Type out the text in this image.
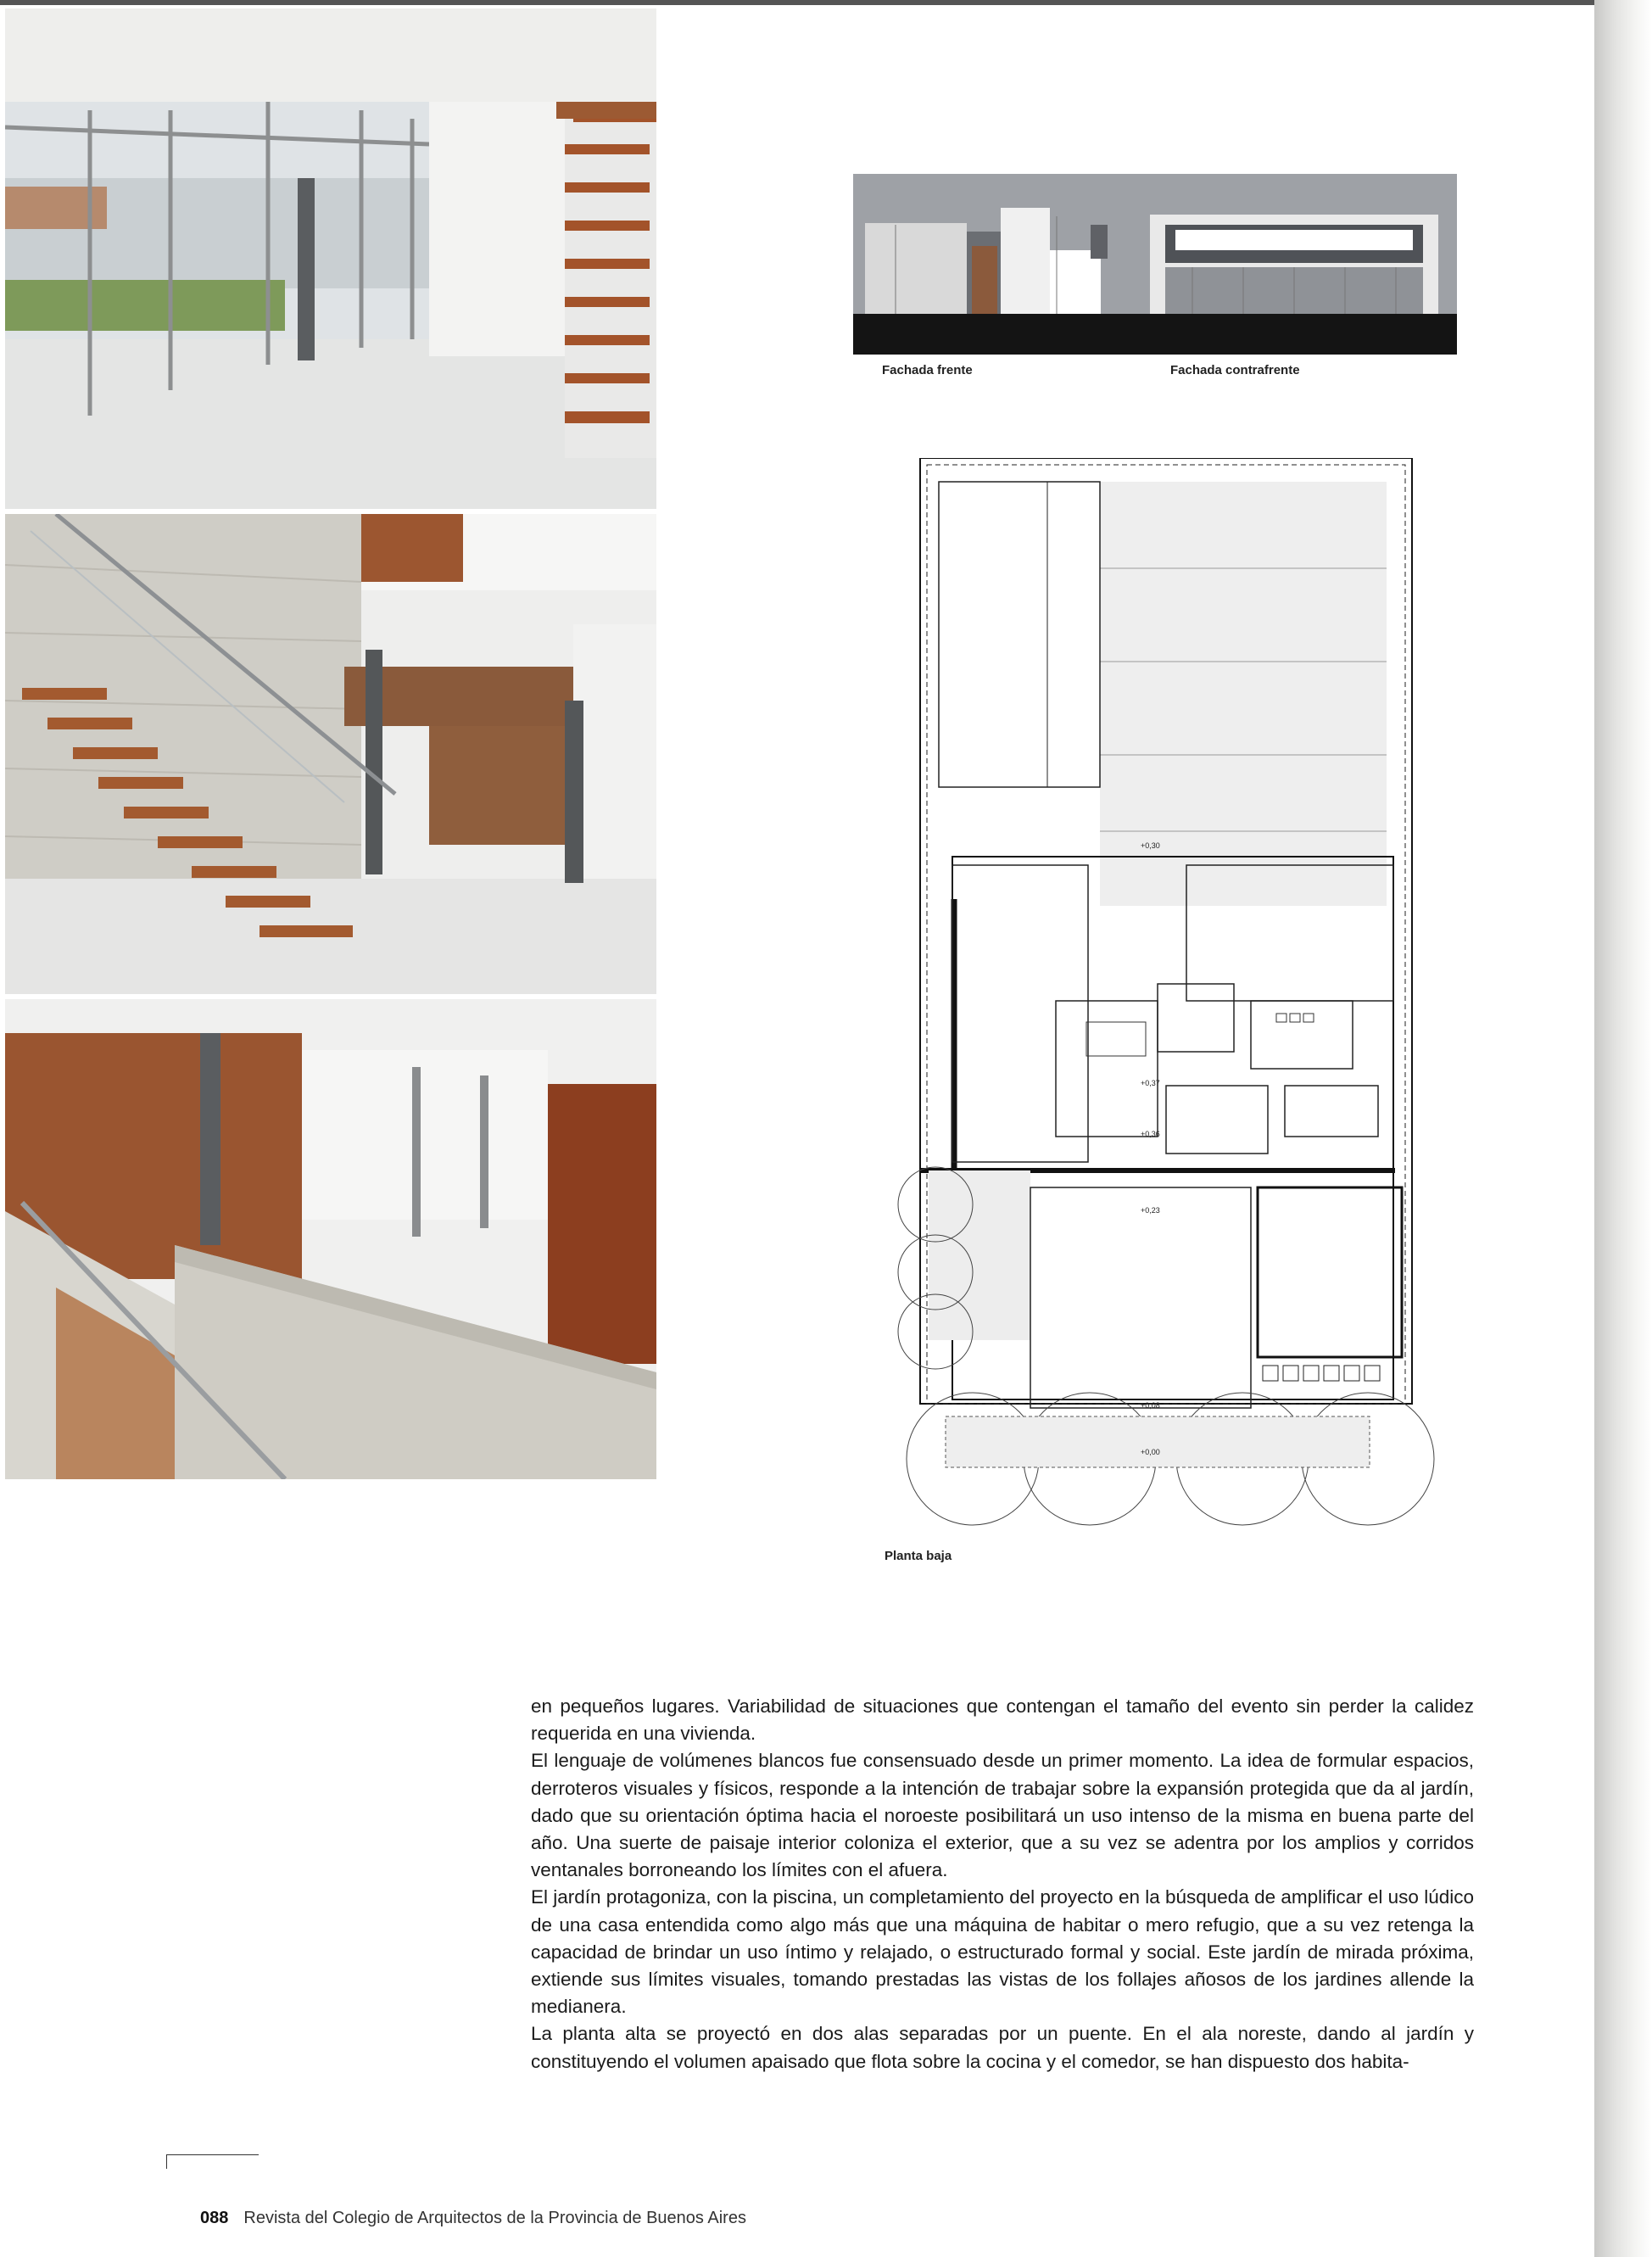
Fachada frente	Fachada contrafrente
+0,30
+0,37
+0,36
+0,23
+0,08
+0,00
Planta baja

en pequeños lugares. Variabilidad de situaciones que contengan el tamaño del evento sin perder la calidez requerida en una vivienda.

El lenguaje de volúmenes blancos fue consensuado desde un primer momento. La idea de formular espacios, derroteros visuales y físicos, responde a la intención de trabajar sobre la expansión protegida que da al jardín, dado que su orientación óptima hacia el noroeste posibilitará un uso intenso de la misma en buena parte del año. Una suerte de paisaje interior coloniza el exterior, que a su vez se adentra por los amplios y corridos ventanales borroneando los límites con el afuera.

El jardín protagoniza, con la piscina, un completamiento del proyecto en la búsqueda de amplificar el uso lúdico de una casa entendida como algo más que una máquina de habitar o mero refugio, que a su vez retenga la capacidad de brindar un uso íntimo y relajado, o estructurado formal y social. Este jardín de mirada próxima, extiende sus límites visuales, tomando prestadas las vistas de los follajes añosos de los jardines allende la medianera.

La planta alta se proyectó en dos alas separadas por un puente. En el ala noreste, dando al jardín y constituyendo el volumen apaisado que flota sobre la cocina y el comedor, se han dispuesto dos habita-

088 Revista del Colegio de Arquitectos de la Provincia de Buenos Aires
